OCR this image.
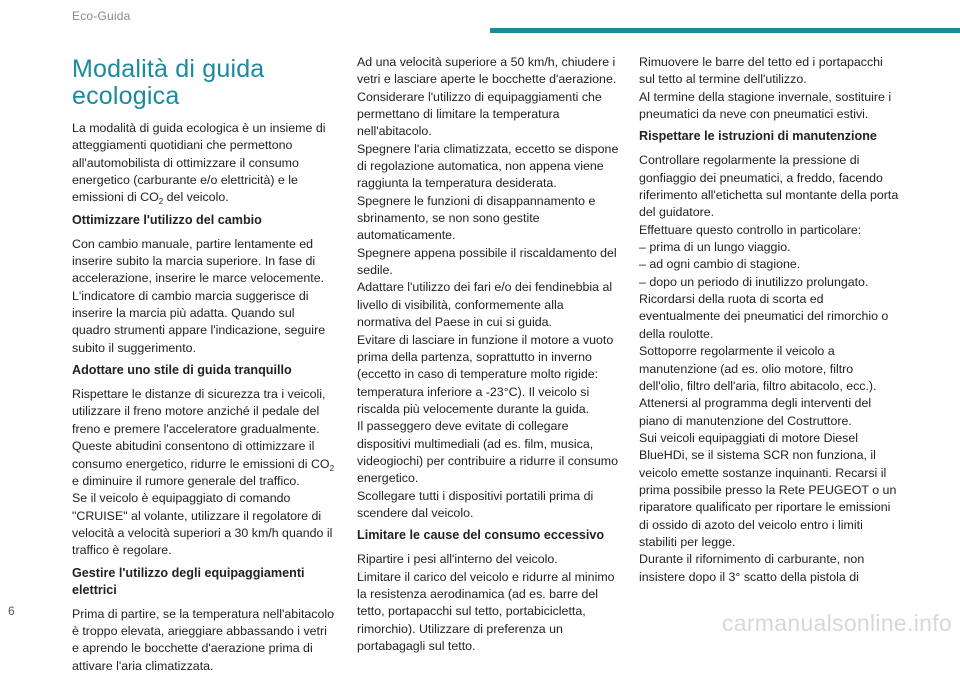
Eco-Guida
Modalità di guida ecologica

La modalità di guida ecologica è un insieme di atteggiamenti quotidiani che permettono all'automobilista di ottimizzare il consumo energetico (carburante e/o elettricità) e le emissioni di $CO_2$ del veicolo.

Ottimizzare l'utilizzo del cambio

Con cambio manuale, partire lentamente ed inserire subito la marcia superiore. In fase di accelerazione, inserire le marce velocemente. L'indicatore di cambio marcia suggerisce di inserire la marcia più adatta. Quando sul quadro strumenti appare l'indicazione, seguire subito il suggerimento.

Adottare uno stile di guida tranquillo

Rispettare le distanze di sicurezza tra i veicoli, utilizzare il freno motore anziché il pedale del freno e premere l'acceleratore gradualmente.

Queste abitudini consentono di ottimizzare il consumo energetico, ridurre le emissioni di $CO_2$ e diminuire il rumore generale del traffico.

Se il veicolo è equipaggiato di comando "CRUISE" al volante, utilizzare il regolatore di velocità a velocità superiori a 30 km/h quando il traffico è regolare.

Gestire l'utilizzo degli equipaggiamenti elettrici

Prima di partire, se la temperatura nell'abitacolo è troppo elevata, arieggiare abbassando i vetri e aprendo le bocchette d'aerazione prima di attivare l'aria climatizzata.

Ad una velocità superiore a 50 km/h, chiudere i vetri e lasciare aperte le bocchette d'aerazione.

Considerare l'utilizzo di equipaggiamenti che permettano di limitare la temperatura nell'abitacolo.

Spegnere l'aria climatizzata, eccetto se dispone di regolazione automatica, non appena viene raggiunta la temperatura desiderata.

Spegnere le funzioni di disappannamento e sbrinamento, se non sono gestite automaticamente.

Spegnere appena possibile il riscaldamento del sedile.

Adattare l'utilizzo dei fari e/o dei fendinebbia al livello di visibilità, conformemente alla normativa del Paese in cui si guida.

Evitare di lasciare in funzione il motore a vuoto prima della partenza, soprattutto in inverno (eccetto in caso di temperature molto rigide: temperatura inferiore a -23°C). Il veicolo si riscalda più velocemente durante la guida.

Il passeggero deve evitate di collegare dispositivi multimediali (ad es. film, musica, videogiochi) per contribuire a ridurre il consumo energetico.

Scollegare tutti i dispositivi portatili prima di scendere dal veicolo.

Limitare le cause del consumo eccessivo

Ripartire i pesi all'interno del veicolo.

Limitare il carico del veicolo e ridurre al minimo la resistenza aerodinamica (ad es. barre del tetto, portapacchi sul tetto, portabicicletta, rimorchio). Utilizzare di preferenza un portabagagli sul tetto.

Rimuovere le barre del tetto ed i portapacchi sul tetto al termine dell'utilizzo.

Al termine della stagione invernale, sostituire i pneumatici da neve con pneumatici estivi.

Rispettare le istruzioni di manutenzione

Controllare regolarmente la pressione di gonfiaggio dei pneumatici, a freddo, facendo riferimento all'etichetta sul montante della porta del guidatore.

Effettuare questo controllo in particolare:

– prima di un lungo viaggio.

– ad ogni cambio di stagione.

– dopo un periodo di inutilizzo prolungato.

Ricordarsi della ruota di scorta ed eventualmente dei pneumatici del rimorchio o della roulotte.

Sottoporre regolarmente il veicolo a manutenzione (ad es. olio motore, filtro dell'olio, filtro dell'aria, filtro abitacolo, ecc.). Attenersi al programma degli interventi del piano di manutenzione del Costruttore.

Sui veicoli equipaggiati di motore Diesel BlueHDi, se il sistema SCR non funziona, il veicolo emette sostanze inquinanti. Recarsi il prima possibile presso la Rete PEUGEOT o un riparatore qualificato per riportare le emissioni di ossido di azoto del veicolo entro i limiti stabiliti per legge.

Durante il rifornimento di carburante, non insistere dopo il 3° scatto della pistola di

6	carmanualsonline.info
